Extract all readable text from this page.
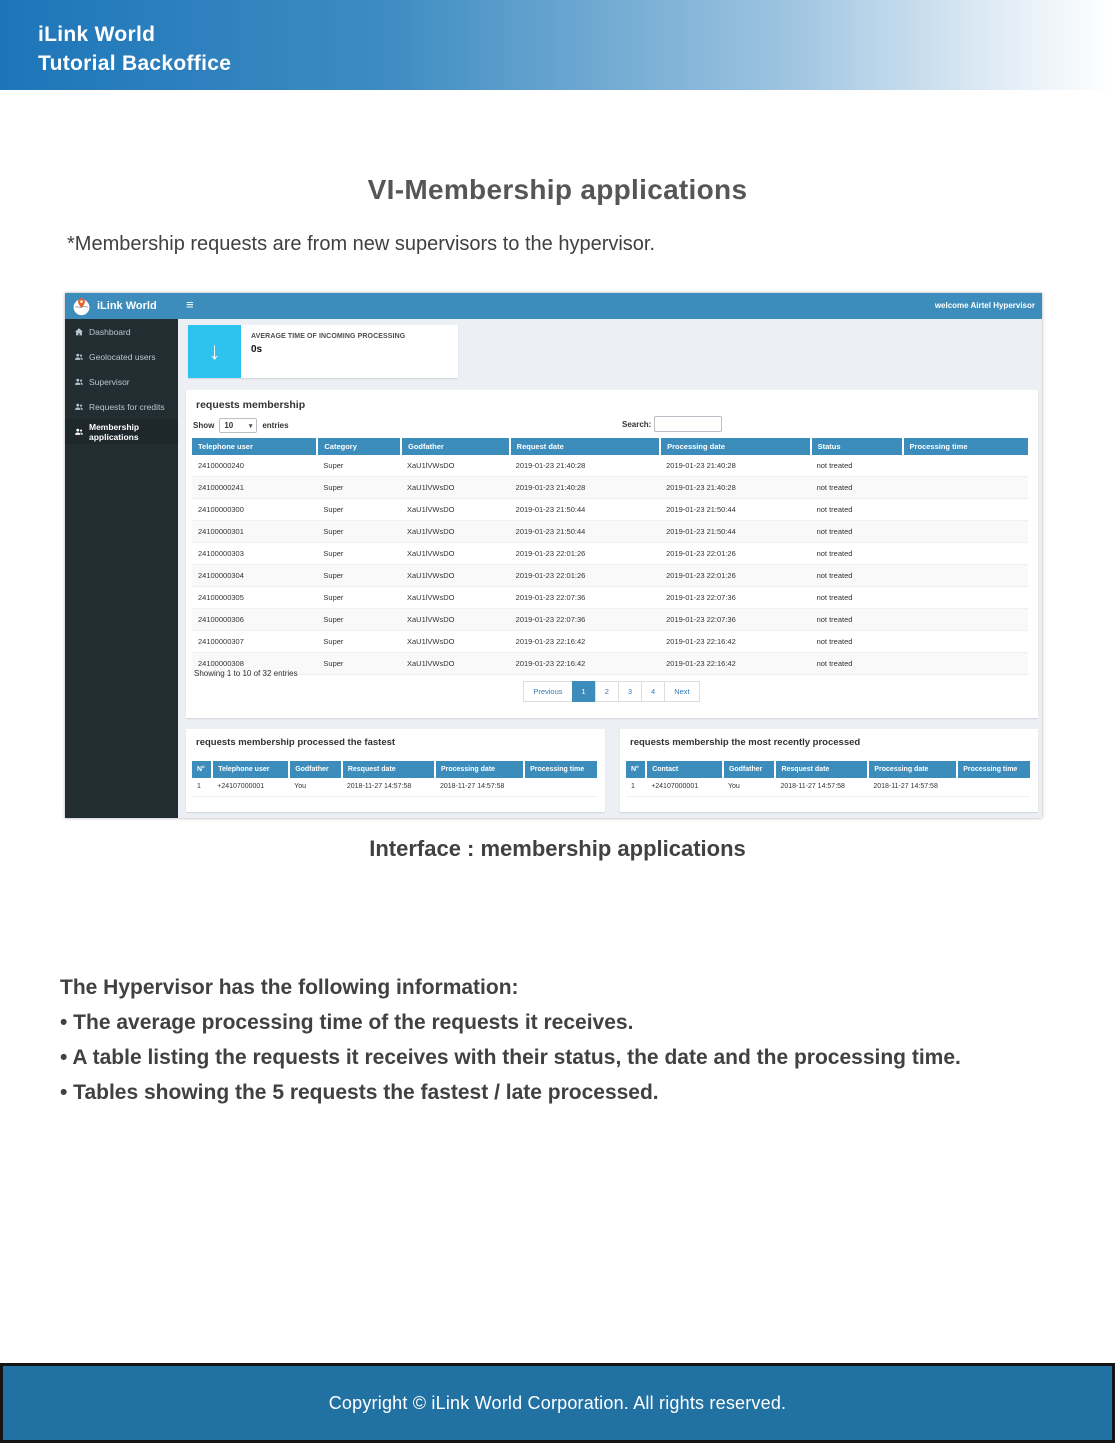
iLink World
Tutorial Backoffice
VI-Membership applications
*Membership requests are from new supervisors to the hypervisor.
iLink World ≡	welcome Airtel Hypervisor
Dashboard
Geolocated users
Supervisor
Requests for credits
Membership applications
↓
AVERAGE TIME OF INCOMING PROCESSING
0s
requests membership
Show 10 ▾ entries	Search:
Telephone user	Category	Godfather	Request date	Processing date	Status	Processing time
24100000240	Super	XaU1lVWsDO	2019-01-23 21:40:28	2019-01-23 21:40:28	not treated	
24100000241	Super	XaU1lVWsDO	2019-01-23 21:40:28	2019-01-23 21:40:28	not treated	
24100000300	Super	XaU1lVWsDO	2019-01-23 21:50:44	2019-01-23 21:50:44	not treated	
24100000301	Super	XaU1lVWsDO	2019-01-23 21:50:44	2019-01-23 21:50:44	not treated	
24100000303	Super	XaU1lVWsDO	2019-01-23 22:01:26	2019-01-23 22:01:26	not treated	
24100000304	Super	XaU1lVWsDO	2019-01-23 22:01:26	2019-01-23 22:01:26	not treated	
24100000305	Super	XaU1lVWsDO	2019-01-23 22:07:36	2019-01-23 22:07:36	not treated	
24100000306	Super	XaU1lVWsDO	2019-01-23 22:07:36	2019-01-23 22:07:36	not treated	
24100000307	Super	XaU1lVWsDO	2019-01-23 22:16:42	2019-01-23 22:16:42	not treated	
24100000308	Super	XaU1lVWsDO	2019-01-23 22:16:42	2019-01-23 22:16:42	not treated	
Showing 1 to 10 of 32 entries
Previous	1	2	3	4	Next
requests membership processed the fastest
N°	Telephone user	Godfather	Resquest date	Processing date	Processing time
1	+24107000001	You	2018-11-27 14:57:58	2018-11-27 14:57:58	
requests membership the most recently processed
N°	Contact	Godfather	Resquest date	Processing date	Processing time
1	+24107000001	You	2018-11-27 14:57:58	2018-11-27 14:57:58	
Interface : membership applications
The Hypervisor has the following information:
• The average processing time of the requests it receives.
• A table listing the requests it receives with their status, the date and the processing time.
• Tables showing the 5 requests the fastest / late processed.
Copyright © iLink World Corporation. All rights reserved.
